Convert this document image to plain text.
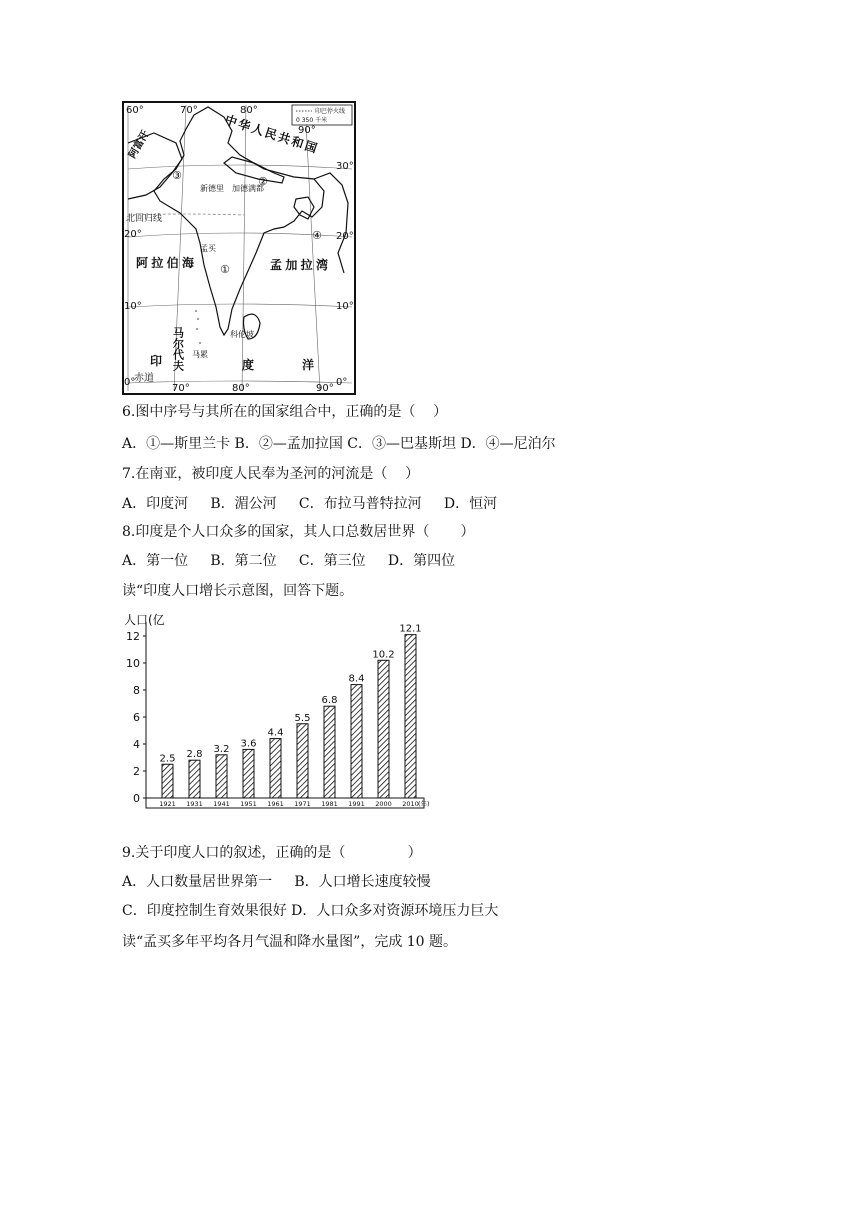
印巴停火线
0 350 千米
60°	70°	80°
90°
70°	80°	90°
30°
20°
20°
10°	10°
0°	0°
中华人民共和国
阿富汗
阿拉伯海	孟加拉湾
印	度	洋
赤道
北回归线
马尔代夫 马累
科伦坡
孟买
新德里 加德满都
①
②
③
④
6.图中序号与其所在的国家组合中，正确的是（    ）
A．①—斯里兰卡 B．②—孟加拉国 C．③—巴基斯坦 D．④—尼泊尔
7.在南亚，被印度人民奉为圣河的河流是（    ）
A．印度河     B．湄公河     C．布拉马普特拉河     D．恒河
8.印度是个人口众多的国家，其人口总数居世界（       ）
A．第一位     B．第二位     C．第三位     D．第四位
读“印度人口增长示意图，回答下题。
人口(亿
0
2
4
6
8
10
12
2.5
1921
2.8
1931
3.2
1941
3.6
1951
4.4
1961
5.5
1971
6.8
1981
8.4
1991
10.2
2000
12.1
2010 (年)
9.关于印度人口的叙述，正确的是（              ）
A．人口数量居世界第一     B．人口增长速度较慢
C．印度控制生育效果很好 D．人口众多对资源环境压力巨大
读“孟买多年平均各月气温和降水量图”，完成 10 题。
